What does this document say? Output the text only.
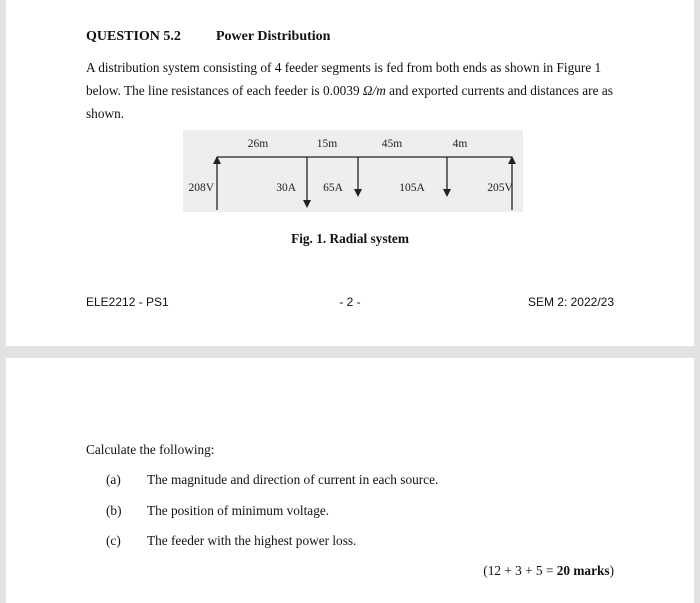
QUESTION 5.2	Power Distribution
A distribution system consisting of 4 feeder segments is fed from both ends as shown in Figure 1 below. The line resistances of each feeder is 0.0039 Ω/m and exported currents and distances are as shown.
26m	15m	45m	4m
208V	205V
30A 65A	105A
Fig. 1. Radial system
ELE2212 - PS1	- 2 -	SEM 2: 2022/23
Calculate the following:
(a) The magnitude and direction of current in each source.
(b) The position of minimum voltage.
(c) The feeder with the highest power loss.
(12 + 3 + 5 = 20 marks)
